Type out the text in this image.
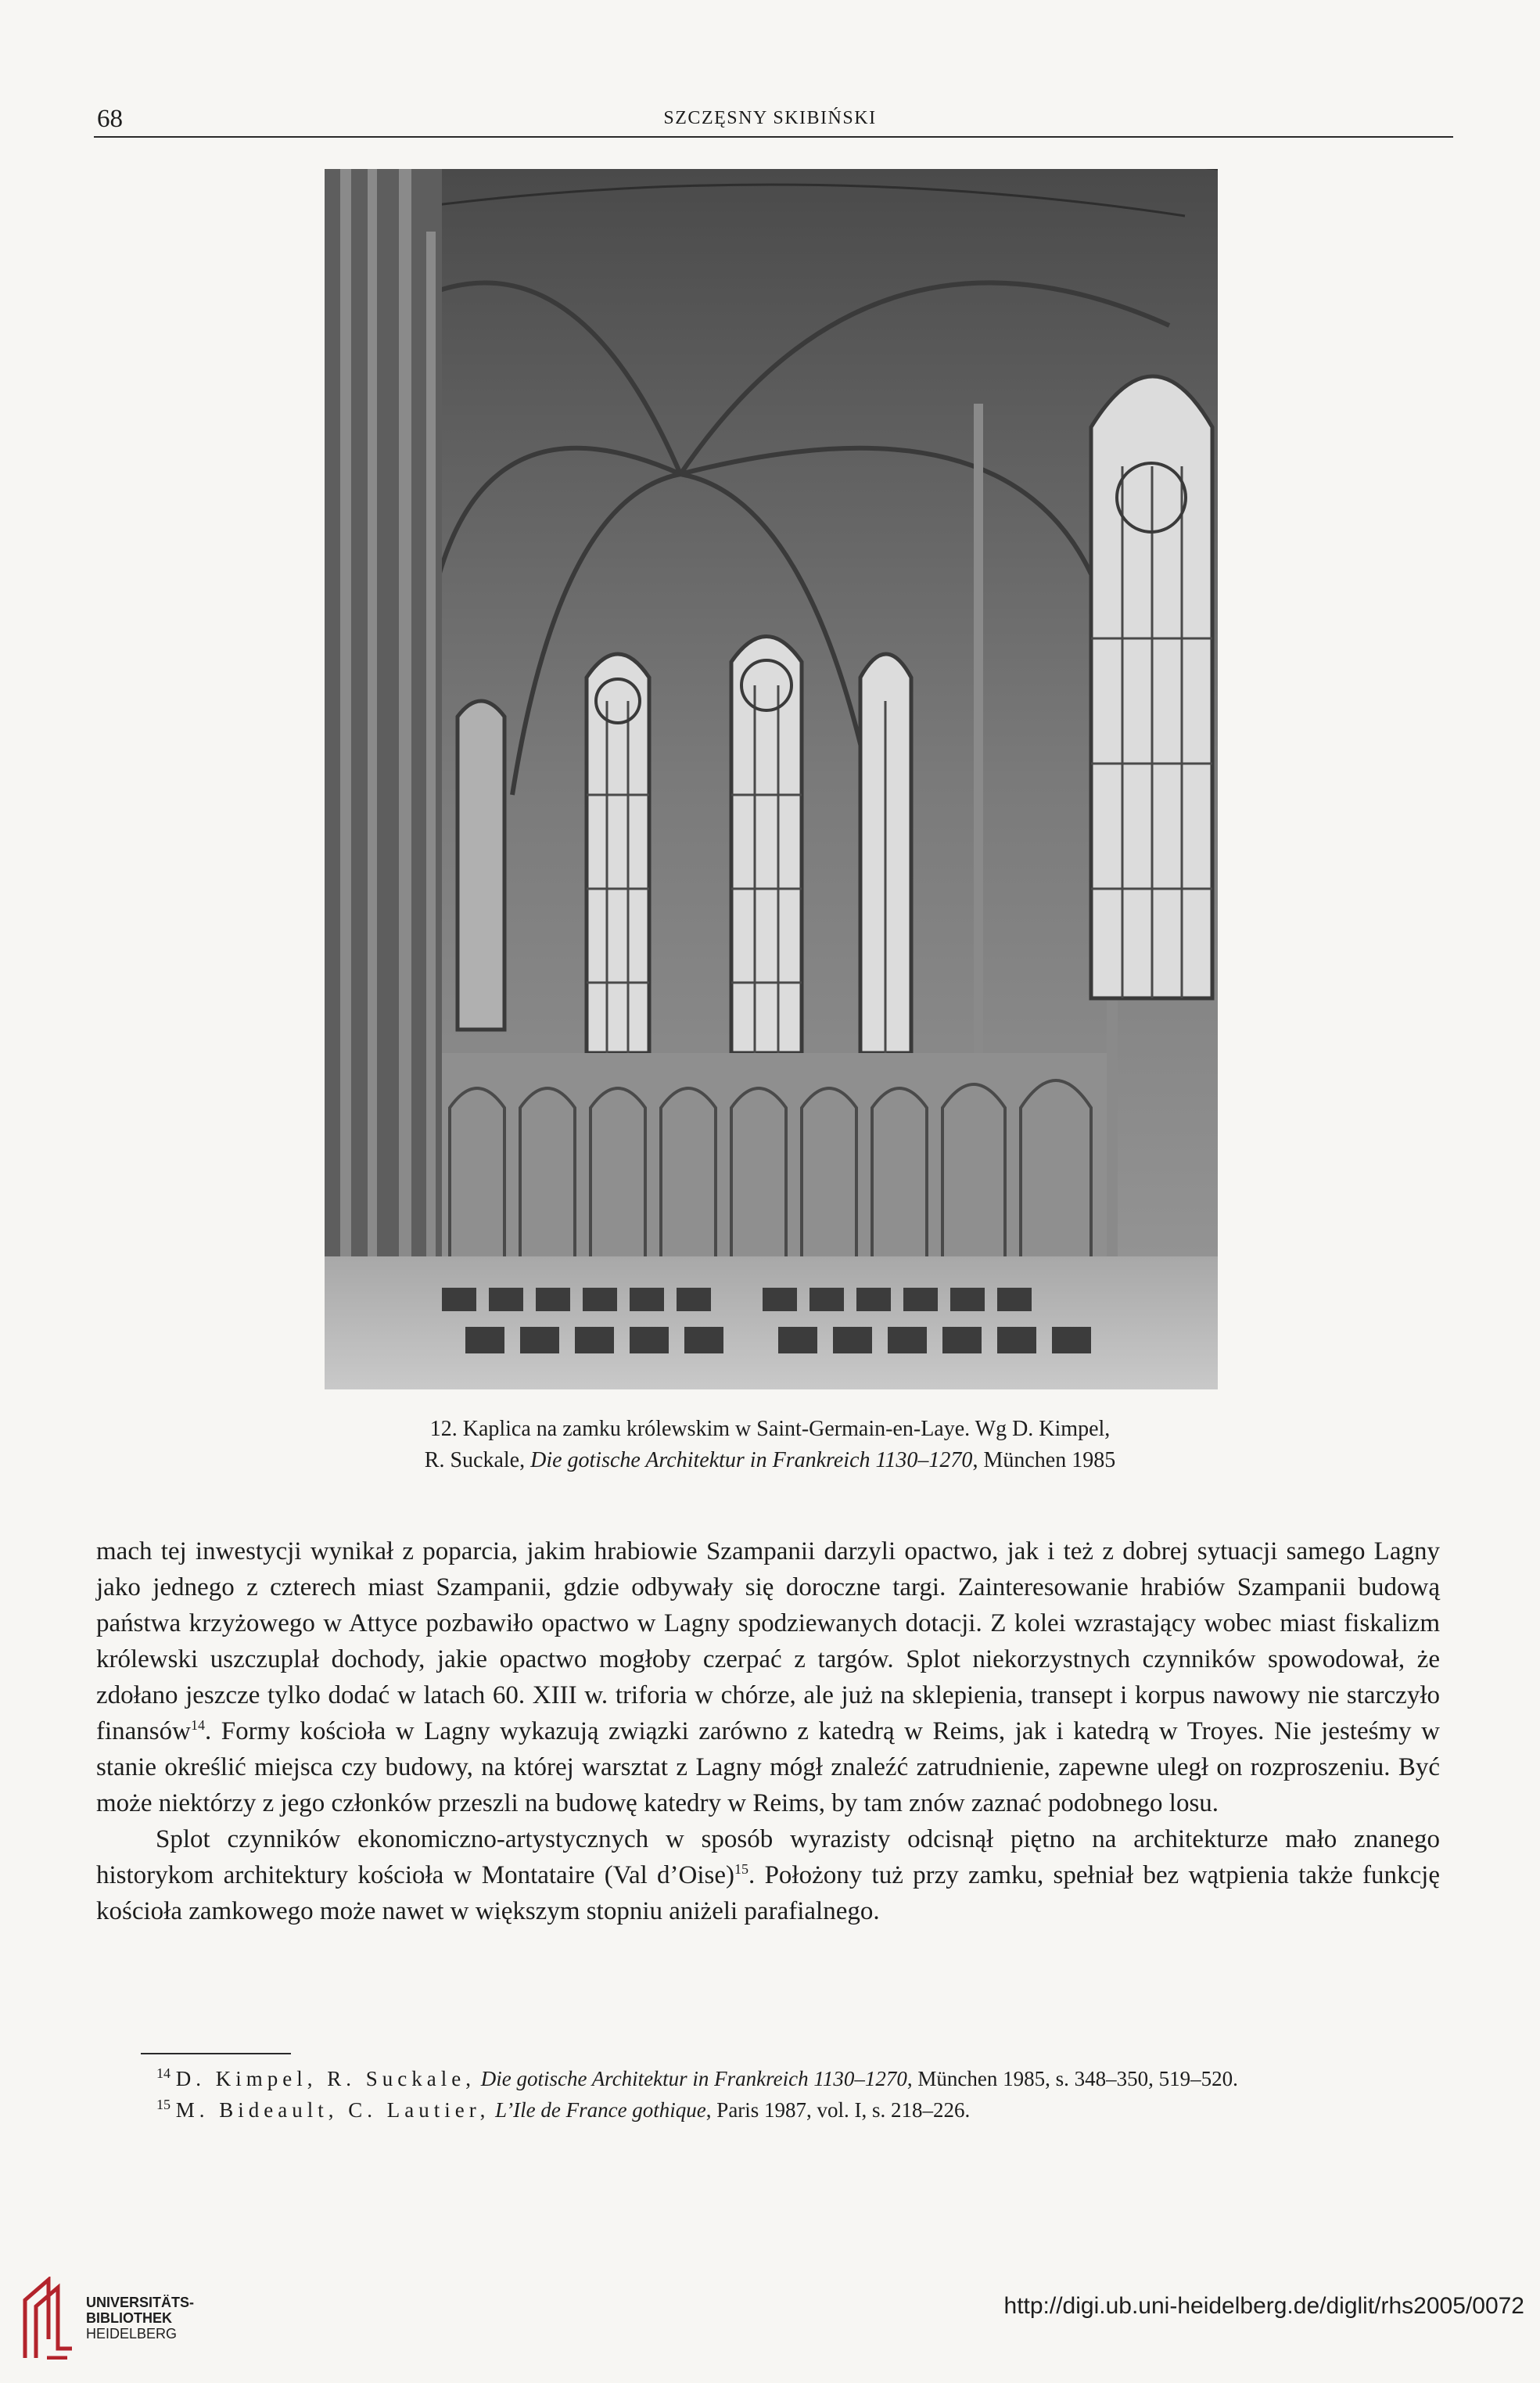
68	SZCZĘSNY SKIBIŃSKI
12. Kaplica na zamku królewskim w Saint-Germain-en-Laye. Wg D. Kimpel,
R. Suckale, Die gotische Architektur in Frankreich 1130–1270, München 1985

mach tej inwestycji wynikał z poparcia, jakim hrabiowie Szampanii darzyli opactwo, jak i też z dobrej sytuacji samego Lagny jako jednego z czterech miast Szampanii, gdzie odbywały się doroczne targi. Zainteresowanie hrabiów Szampanii budową państwa krzyżowego w Attyce pozbawiło opactwo w Lagny spodziewanych dotacji. Z kolei wzrastający wobec miast fiskalizm królewski uszczuplał dochody, jakie opactwo mogłoby czerpać z targów. Splot niekorzystnych czynników spowodował, że zdołano jeszcze tylko dodać w latach 60. XIII w. triforia w chórze, ale już na sklepienia, transept i korpus nawowy nie starczyło finansów$^{14}$. Formy kościoła w Lagny wykazują związki zarówno z katedrą w Reims, jak i katedrą w Troyes. Nie jesteśmy w stanie określić miejsca czy budowy, na której warsztat z Lagny mógł znaleźć zatrudnienie, zapewne uległ on rozproszeniu. Być może niektórzy z jego członków przeszli na budowę katedry w Reims, by tam znów zaznać podobnego losu.

Splot czynników ekonomiczno-artystycznych w sposób wyrazisty odcisnął piętno na architekturze mało znanego historykom architektury kościoła w Montataire (Val d’Oise)$^{15}$. Położony tuż przy zamku, spełniał bez wątpienia także funkcję kościoła zamkowego może nawet w większym stopniu aniżeli parafialnego.

$^{14}$ D. Kimpel, R. Suckale, Die gotische Architektur in Frankreich 1130–1270, München 1985, s. 348–350, 519–520.
$^{15}$ M. Bideault, C. Lautier, L’Ile de France gothique, Paris 1987, vol. I, s. 218–226.
UNIVERSITÄTS-
BIBLIOTHEK
HEIDELBERG
http://digi.ub.uni-heidelberg.de/diglit/rhs2005/0072
